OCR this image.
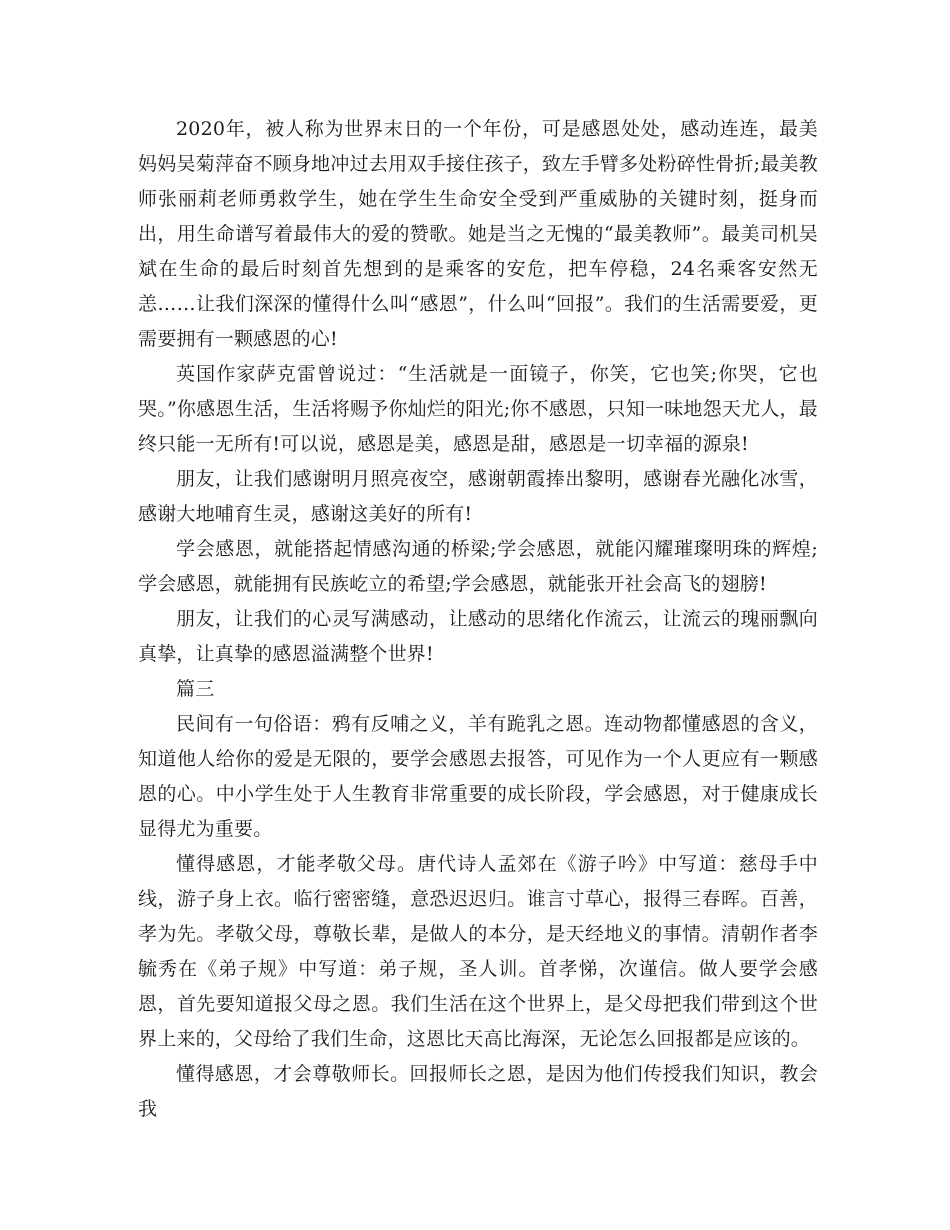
2020年，被人称为世界末日的一个年份，可是感恩处处，感动连连，最美妈妈吴菊萍奋不顾身地冲过去用双手接住孩子，致左手臂多处粉碎性骨折;最美教师张丽莉老师勇救学生，她在学生生命安全受到严重威胁的关键时刻，挺身而出，用生命谱写着最伟大的爱的赞歌。她是当之无愧的“最美教师”。最美司机吴斌在生命的最后时刻首先想到的是乘客的安危，把车停稳，24名乘客安然无恙……让我们深深的懂得什么叫“感恩”，什么叫“回报”。我们的生活需要爱，更需要拥有一颗感恩的心!

英国作家萨克雷曾说过：“生活就是一面镜子，你笑，它也笑;你哭，它也哭。”你感恩生活，生活将赐予你灿烂的阳光;你不感恩，只知一味地怨天尤人，最终只能一无所有!可以说，感恩是美，感恩是甜，感恩是一切幸福的源泉!

朋友，让我们感谢明月照亮夜空，感谢朝霞捧出黎明，感谢春光融化冰雪，感谢大地哺育生灵，感谢这美好的所有!

学会感恩，就能搭起情感沟通的桥梁;学会感恩，就能闪耀璀璨明珠的辉煌;学会感恩，就能拥有民族屹立的希望;学会感恩，就能张开社会高飞的翅膀!

朋友，让我们的心灵写满感动，让感动的思绪化作流云，让流云的瑰丽飘向真挚，让真挚的感恩溢满整个世界!

篇三

民间有一句俗语：鸦有反哺之义，羊有跪乳之恩。连动物都懂感恩的含义，知道他人给你的爱是无限的，要学会感恩去报答，可见作为一个人更应有一颗感恩的心。中小学生处于人生教育非常重要的成长阶段，学会感恩，对于健康成长显得尤为重要。

懂得感恩，才能孝敬父母。唐代诗人孟郊在《游子吟》中写道：慈母手中线，游子身上衣。临行密密缝，意恐迟迟归。谁言寸草心，报得三春晖。百善，孝为先。孝敬父母，尊敬长辈，是做人的本分，是天经地义的事情。清朝作者李毓秀在《弟子规》中写道：弟子规，圣人训。首孝悌，次谨信。做人要学会感恩，首先要知道报父母之恩。我们生活在这个世界上，是父母把我们带到这个世界上来的，父母给了我们生命，这恩比天高比海深，无论怎么回报都是应该的。

懂得感恩，才会尊敬师长。回报师长之恩，是因为他们传授我们知识，教会我
